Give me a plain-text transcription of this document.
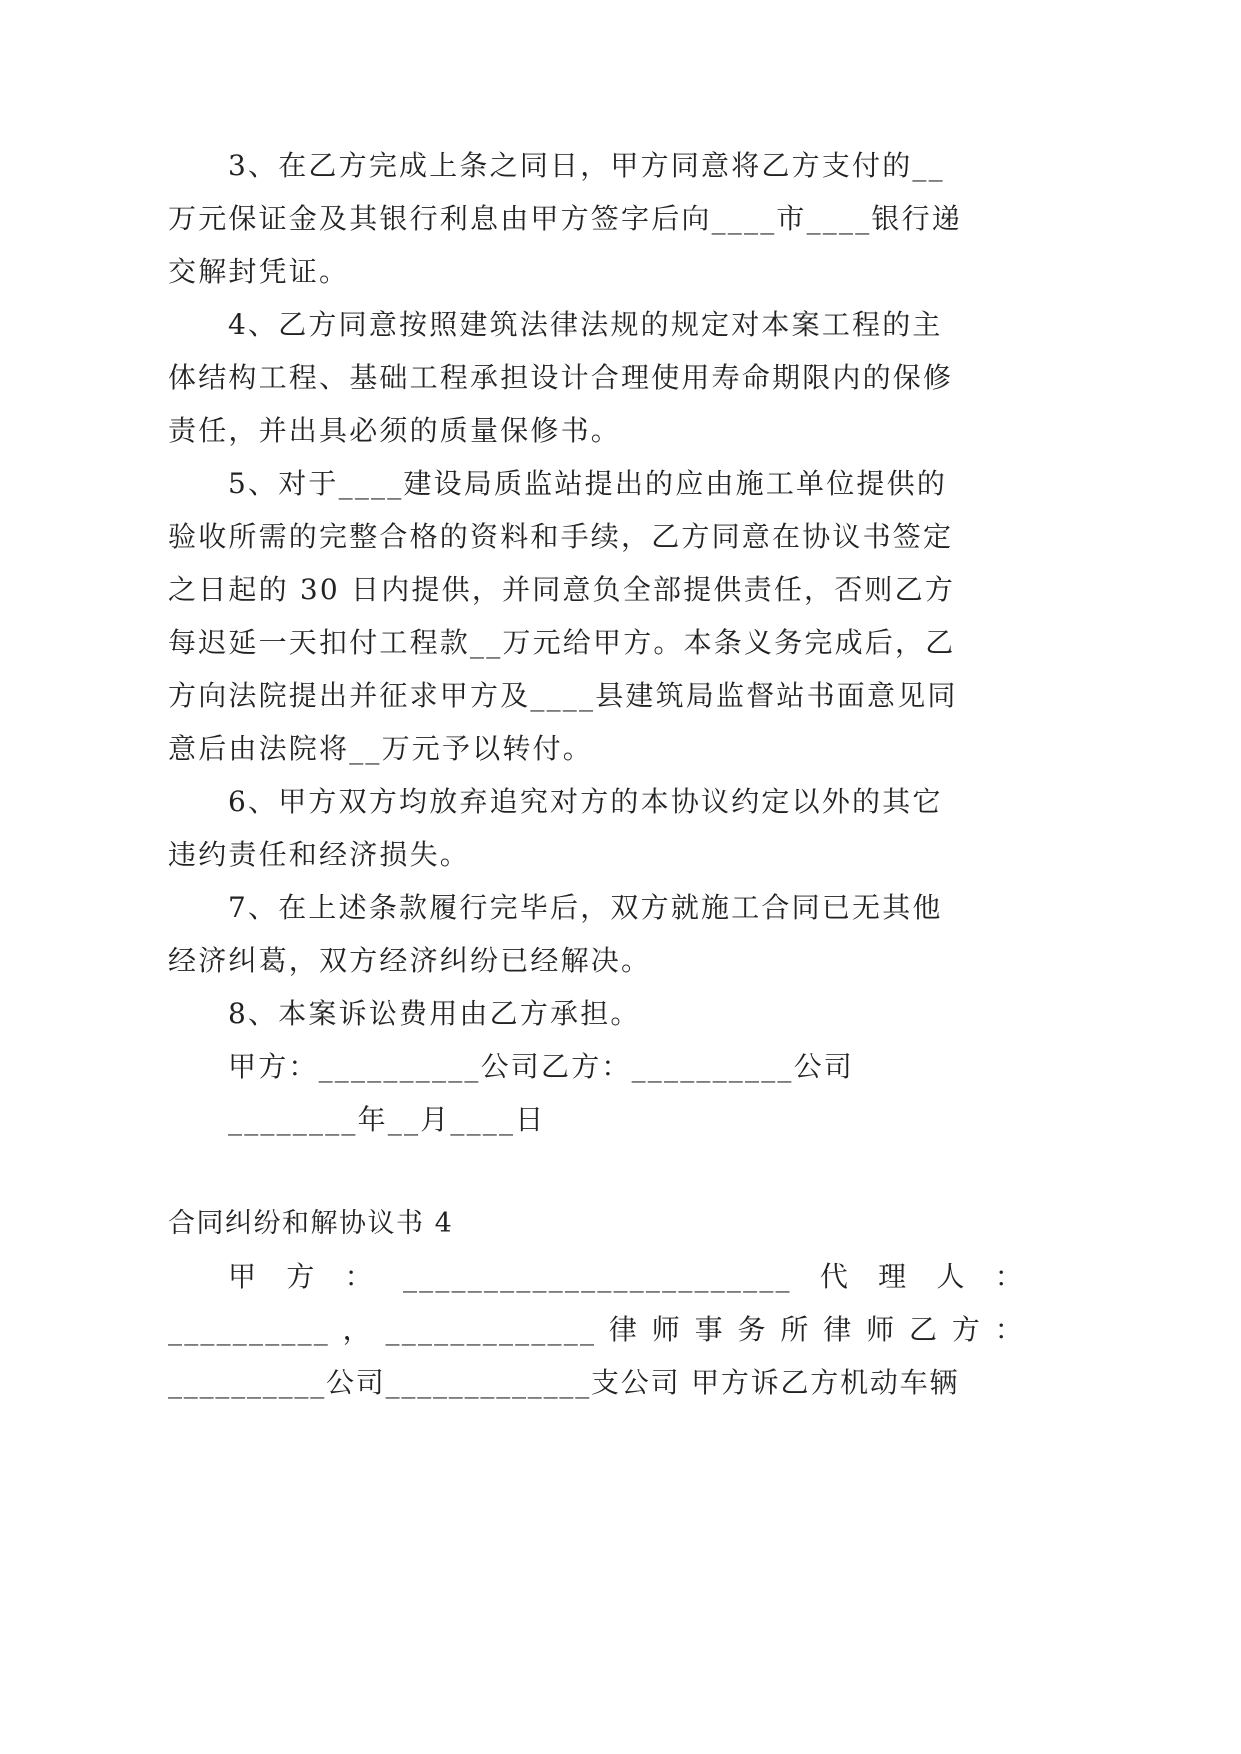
3、在乙方完成上条之同日，甲方同意将乙方支付的__
万元保证金及其银行利息由甲方签字后向____市____银行递
交解封凭证。
4、乙方同意按照建筑法律法规的规定对本案工程的主
体结构工程、基础工程承担设计合理使用寿命期限内的保修
责任，并出具必须的质量保修书。
5、对于____建设局质监站提出的应由施工单位提供的
验收所需的完整合格的资料和手续，乙方同意在协议书签定
之日起的 30 日内提供，并同意负全部提供责任，否则乙方
每迟延一天扣付工程款__万元给甲方。本条义务完成后，乙
方向法院提出并征求甲方及____县建筑局监督站书面意见同
意后由法院将__万元予以转付。
6、甲方双方均放弃追究对方的本协议约定以外的其它
违约责任和经济损失。
7、在上述条款履行完毕后，双方就施工合同已无其他
经济纠葛，双方经济纠纷已经解决。
8、本案诉讼费用由乙方承担。
甲方：__________公司乙方：__________公司
________年__月____日
合同纠纷和解协议书 4
甲 方 ： ________________________ 代 理 人 ：
__________ ， _____________ 律 师 事 务 所 律 师 乙 方 ：
__________公司_____________支公司 甲方诉乙方机动车辆
